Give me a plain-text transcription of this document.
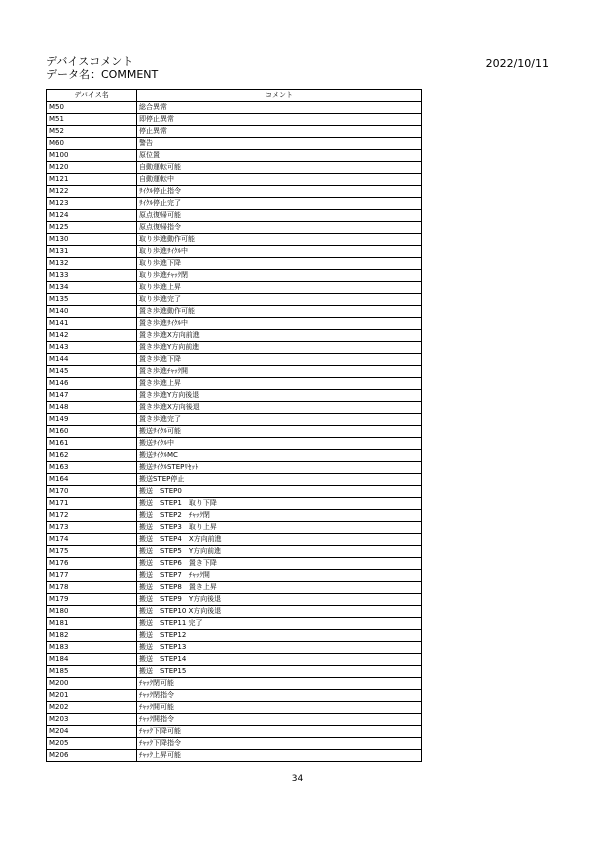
デバイスコメント
データ名：COMMENT
2022/10/11
デバイス名	コメント
M50	総合異常
M51	即停止異常
M52	停止異常
M60	警告
M100	原位置
M120	自動運転可能
M121	自動運転中
M122	ｻｲｸﾙ停止指令
M123	ｻｲｸﾙ停止完了
M124	原点復帰可能
M125	原点復帰指令
M130	取り歩進動作可能
M131	取り歩進ｻｲｸﾙ中
M132	取り歩進下降
M133	取り歩進ﾁｬｯｸ閉
M134	取り歩進上昇
M135	取り歩進完了
M140	置き歩進動作可能
M141	置き歩進ｻｲｸﾙ中
M142	置き歩進X方向前進
M143	置き歩進Y方向前進
M144	置き歩進下降
M145	置き歩進ﾁｬｯｸ開
M146	置き歩進上昇
M147	置き歩進Y方向後退
M148	置き歩進X方向後退
M149	置き歩進完了
M160	搬送ｻｲｸﾙ可能
M161	搬送ｻｲｸﾙ中
M162	搬送ｻｲｸﾙMC
M163	搬送ｻｲｸﾙSTEPﾘｾｯﾄ
M164	搬送STEP停止
M170	搬送　STEP0
M171	搬送　STEP1　取り下降
M172	搬送　STEP2　ﾁｬｯｸ閉
M173	搬送　STEP3　取り上昇
M174	搬送　STEP4　X方向前進
M175	搬送　STEP5　Y方向前進
M176	搬送　STEP6　置き下降
M177	搬送　STEP7　ﾁｬｯｸ開
M178	搬送　STEP8　置き上昇
M179	搬送　STEP9　Y方向後退
M180	搬送　STEP10 X方向後退
M181	搬送　STEP11 完了
M182	搬送　STEP12
M183	搬送　STEP13
M184	搬送　STEP14
M185	搬送　STEP15
M200	ﾁｬｯｸ閉可能
M201	ﾁｬｯｸ閉指令
M202	ﾁｬｯｸ開可能
M203	ﾁｬｯｸ開指令
M204	ﾁｬｯｸ下降可能
M205	ﾁｬｯｸ下降指令
M206	ﾁｬｯｸ上昇可能
34
